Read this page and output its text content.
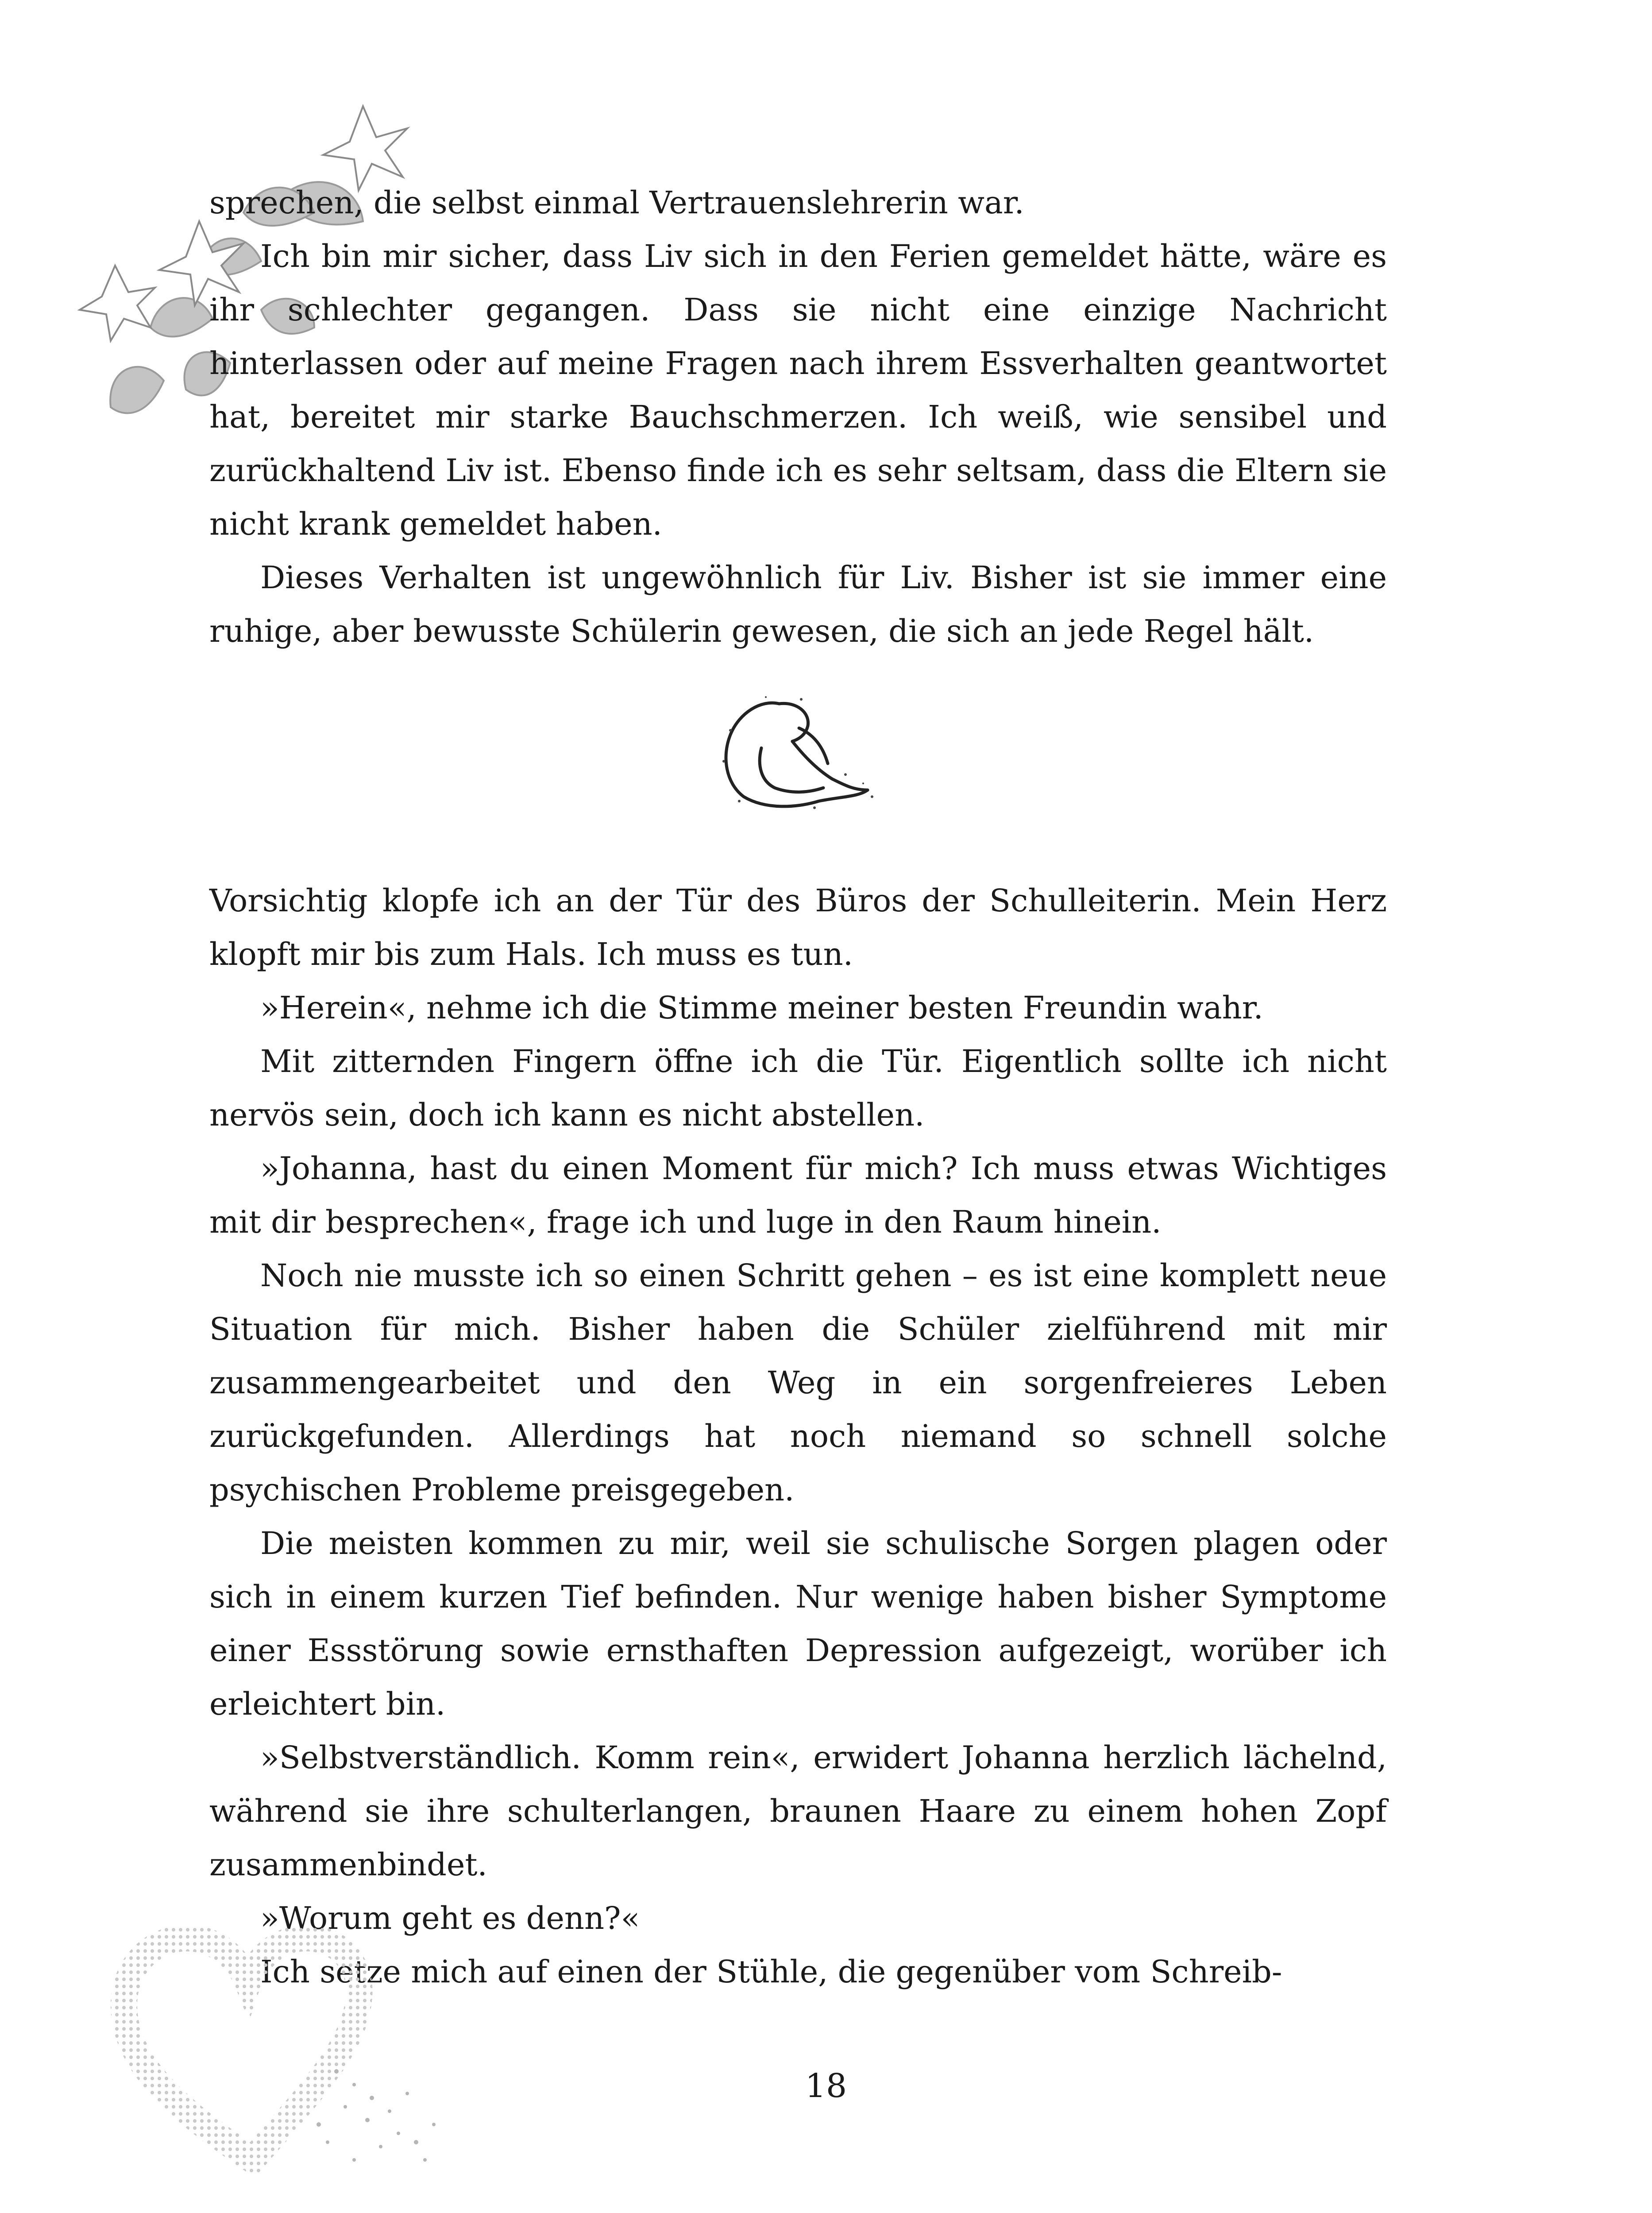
sprechen, die selbst einmal Vertrauenslehrerin war.

Ich bin mir sicher, dass Liv sich in den Ferien gemeldet hätte, wäre es ihr schlechter gegangen. Dass sie nicht eine einzige Nachricht hinterlassen oder auf meine Fragen nach ihrem Essverhalten geantwortet hat, bereitet mir starke Bauchschmerzen. Ich weiß, wie sensibel und zurückhaltend Liv ist. Ebenso finde ich es sehr seltsam, dass die Eltern sie nicht krank gemeldet haben.

Dieses Verhalten ist ungewöhnlich für Liv. Bisher ist sie immer eine ruhige, aber bewusste Schülerin gewesen, die sich an jede Regel hält.

Vorsichtig klopfe ich an der Tür des Büros der Schulleiterin. Mein Herz klopft mir bis zum Hals. Ich muss es tun.

»Herein«, nehme ich die Stimme meiner besten Freundin wahr.

Mit zitternden Fingern öffne ich die Tür. Eigentlich sollte ich nicht nervös sein, doch ich kann es nicht abstellen.

»Johanna, hast du einen Moment für mich? Ich muss etwas Wichtiges mit dir besprechen«, frage ich und luge in den Raum hinein.

Noch nie musste ich so einen Schritt gehen – es ist eine komplett neue Situation für mich. Bisher haben die Schüler zielführend mit mir zusammengearbeitet und den Weg in ein sorgenfreieres Leben zurückgefunden. Allerdings hat noch niemand so schnell solche psychischen Probleme preisgegeben.

Die meisten kommen zu mir, weil sie schulische Sorgen plagen oder sich in einem kurzen Tief befinden. Nur wenige haben bisher Symptome einer Essstörung sowie ernsthaften Depression aufgezeigt, worüber ich erleichtert bin.

»Selbstverständlich. Komm rein«, erwidert Johanna herzlich lächelnd, während sie ihre schulterlangen, braunen Haare zu einem hohen Zopf zusammenbindet.

»Worum geht es denn?«

Ich setze mich auf einen der Stühle, die gegenüber vom Schreib-

18
